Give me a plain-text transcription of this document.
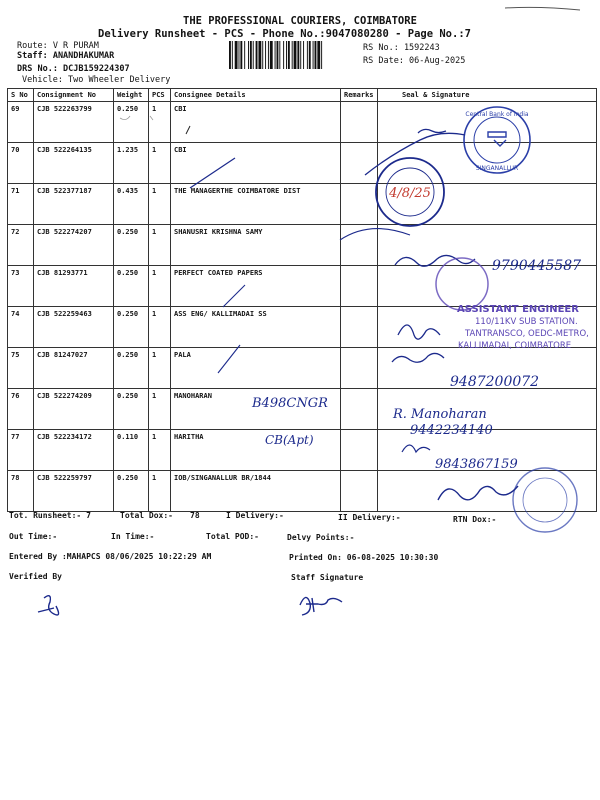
THE PROFESSIONAL COURIERS, COIMBATORE
Delivery Runsheet - PCS - Phone No.:9047080280 - Page No.:7
Route: V R PURAM
Staff: ANANDHAKUMAR
DRS No.: DCJB159224307
Vehicle: Two Wheeler Delivery
RS No.: 1592243
RS Date: 06-Aug-2025
S No	Consignment No	Weight	PCS	Consignee Details	Remarks	Seal & Signature
69	CJB 522263799	0.250	1	CBI		
70	CJB 522264135	1.235	1	CBI		
71	CJB 522377187	0.435	1	THE MANAGERTHE COIMBATORE DIST		
72	CJB 522274207	0.250	1	SHANUSRI KRISHNA SAMY		
73	CJB 81293771	0.250	1	PERFECT COATED PAPERS		
74	CJB 522259463	0.250	1	ASS ENG/ KALLIMADAI SS		
75	CJB 81247027	0.250	1	PALA		
76	CJB 522274209	0.250	1	MANOHARAN		
77	CJB 522234172	0.110	1	HARITHA		
78	CJB 522259797	0.250	1	IOB/SINGANALLUR BR/1844		
Tot. Runsheet:- 7	Total Dox:- 78	I Delivery:-	II Delivery:-	RTN Dox:-
Out Time:-	In Time:-	Total POD:-	Delvy Points:-
Entered By :MAHAPCS 08/06/2025 10:22:29 AM	Printed On: 06-08-2025 10:30:30
Verified By	Staff Signature
Central Bank of India
SINGANALLUR
4/8/25
9790445587
ASSISTANT ENGINEER
110/11KV SUB STATION.
TANTRANSCO, OEDC-METRO,
KALLIMADAI, COIMBATORE
9487200072
B498CNGR
CB(Apt)
R. Manoharan
9442234140
9843867159
